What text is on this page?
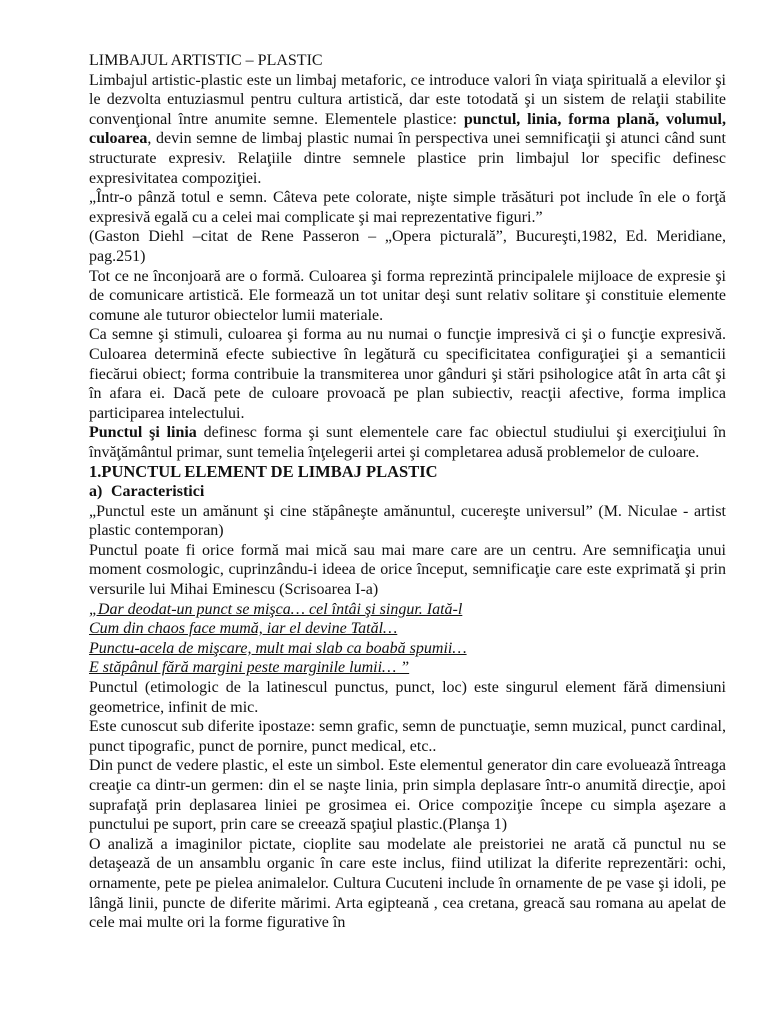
LIMBAJUL ARTISTIC – PLASTIC

Limbajul artistic-plastic este un limbaj metaforic, ce introduce valori în viaţa spirituală a elevilor şi le dezvolta entuziasmul pentru cultura artistică, dar este totodată şi un sistem de relaţii stabilite convenţional între anumite semne. Elementele plastice: punctul, linia, forma plană, volumul, culoarea, devin semne de limbaj plastic numai în perspectiva unei semnificaţii şi atunci când sunt structurate expresiv. Relaţiile dintre semnele plastice prin limbajul lor specific definesc expresivitatea compoziţiei.

„Într-o pânză totul e semn. Câteva pete colorate, nişte simple trăsături pot include în ele o forţă expresivă egală cu a celei mai complicate şi mai reprezentative figuri.”

(Gaston Diehl –citat de Rene Passeron – „Opera picturală”, Bucureşti,1982, Ed. Meridiane, pag.251)

Tot ce ne înconjoară are o formă. Culoarea şi forma reprezintă principalele mijloace de expresie şi de comunicare artistică. Ele formează un tot unitar deşi sunt relativ solitare şi constituie elemente comune ale tuturor obiectelor lumii materiale.

Ca semne şi stimuli, culoarea şi forma au nu numai o funcţie impresivă ci şi o funcţie expresivă. Culoarea determină efecte subiective în legătură cu specificitatea configuraţiei şi a semanticii fiecărui obiect; forma contribuie la transmiterea unor gânduri şi stări psihologice atât în arta cât şi în afara ei. Dacă pete de culoare provoacă pe plan subiectiv, reacţii afective, forma implica participarea intelectului.

Punctul şi linia definesc forma şi sunt elementele care fac obiectul studiului şi exerciţiului în învăţământul primar, sunt temelia înţelegerii artei şi completarea adusă problemelor de culoare.

1.PUNCTUL ELEMENT DE LIMBAJ PLASTIC

a) Caracteristici

„Punctul este un amănunt şi cine stăpâneşte amănuntul, cucereşte universul” (M. Niculae - artist plastic contemporan)

Punctul poate fi orice formă mai mică sau mai mare care are un centru. Are semnificaţia unui moment cosmologic, cuprinzându-i ideea de orice început, semnificaţie care este exprimată şi prin versurile lui Mihai Eminescu (Scrisoarea I-a)

„Dar deodat-un punct se mişca… cel întâi şi singur. Iată-l

Cum din chaos face mumă, iar el devine Tatăl…

Punctu-acela de mişcare, mult mai slab ca boabă spumii…

E stăpânul fără margini peste marginile lumii… ”

Punctul (etimologic de la latinescul punctus, punct, loc) este singurul element fără dimensiuni geometrice, infinit de mic.

Este cunoscut sub diferite ipostaze: semn grafic, semn de punctuaţie, semn muzical, punct cardinal, punct tipografic, punct de pornire, punct medical, etc..

Din punct de vedere plastic, el este un simbol. Este elementul generator din care evoluează întreaga creaţie ca dintr-un germen: din el se naşte linia, prin simpla deplasare într-o anumită direcţie, apoi suprafaţă prin deplasarea liniei pe grosimea ei. Orice compoziţie începe cu simpla aşezare a punctului pe suport, prin care se creează spaţiul plastic.(Planşa 1)

O analiză a imaginilor pictate, cioplite sau modelate ale preistoriei ne arată că punctul nu se detaşează de un ansamblu organic în care este inclus, fiind utilizat la diferite reprezentări: ochi, ornamente, pete pe pielea animalelor. Cultura Cucuteni include în ornamente de pe vase şi idoli, pe lângă linii, puncte de diferite mărimi. Arta egipteană , cea cretana, greacă sau romana au apelat de cele mai multe ori la forme figurative în
